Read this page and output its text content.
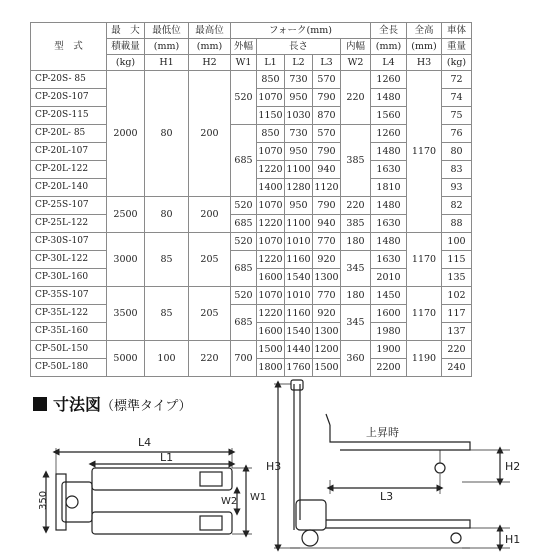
型　式	最　大	最低位	最高位	フォーク(mm)					全長	全高	車体
	積載量	(mm)	(mm)	外幅	長さ			内幅	(mm)	(mm)	重量
	(kg)	H1	H2	W1	L1	L2	L3	W2	L4	H3	(kg)
CP-20S- 85	2000	80	200	520	850	730	570	220	1260	1170	72
CP-20S-107					1070	950	790		1480		74
CP-20S-115					1150	1030	870		1560		75
CP-20L- 85				685	850	730	570	385	1260		76
CP-20L-107					1070	950	790		1480		80
CP-20L-122					1220	1100	940		1630		83
CP-20L-140					1400	1280	1120		1810		93
CP-25S-107	2500	80	200	520	1070	950	790	220	1480		82
CP-25L-122				685	1220	1100	940	385	1630		88
CP-30S-107	3000	85	205	520	1070	1010	770	180	1480	1170	100
CP-30L-122				685	1220	1160	920	345	1630		115
CP-30L-160					1600	1540	1300		2010		135
CP-35S-107	3500	85	205	520	1070	1010	770	180	1450	1170	102
CP-35L-122				685	1220	1160	920	345	1600		117
CP-35L-160					1600	1540	1300		1980		137
CP-50L-150	5000	100	220	700	1500	1440	1200	360	1900	1190	220
CP-50L-180					1800	1760	1500		2200		240
寸法図（標準タイプ）
L4
L1
W1
W2
350
上昇時
H3	H2
H1
L3
